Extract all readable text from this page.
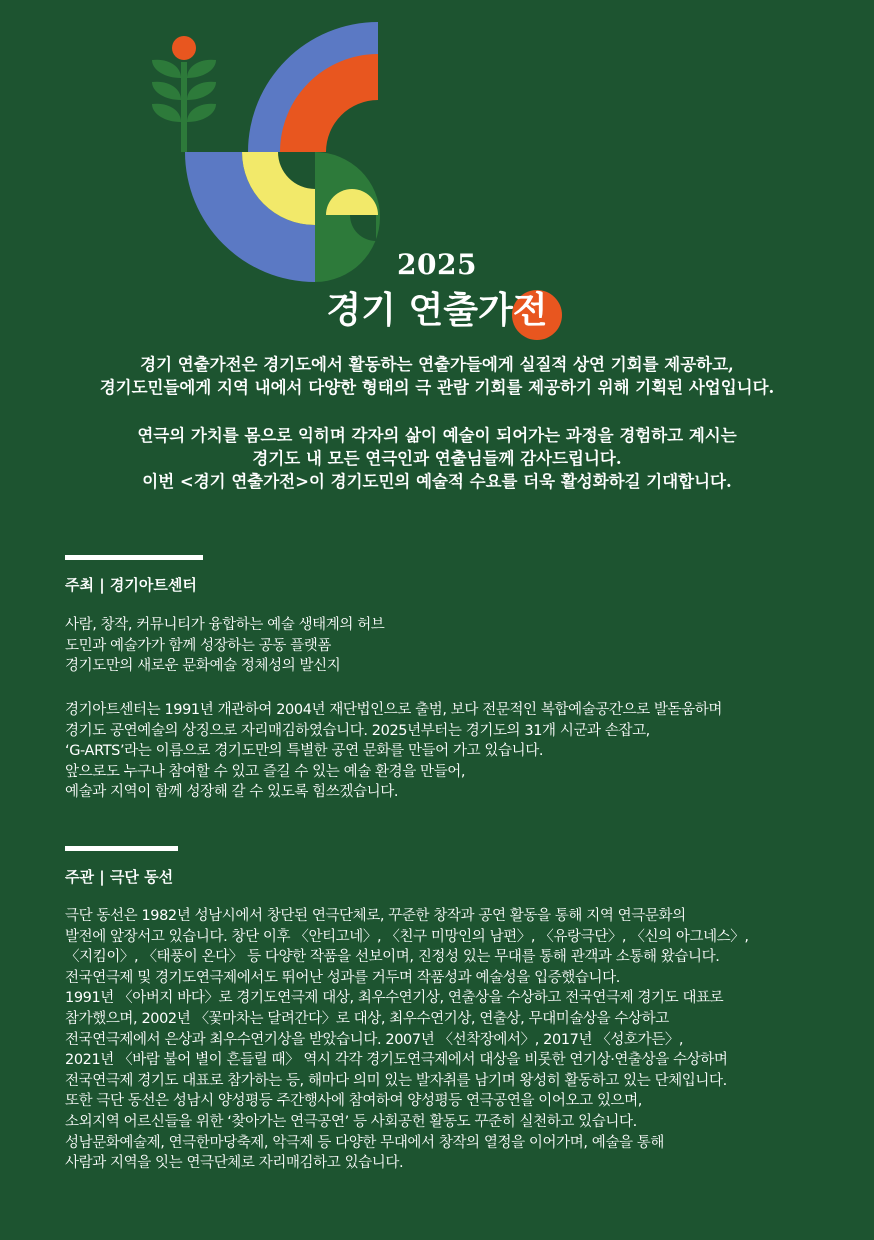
2025
경기 연출가전

경기 연출가전은 경기도에서 활동하는 연출가들에게 실질적 상연 기회를 제공하고,

경기도민들에게 지역 내에서 다양한 형태의 극 관람 기회를 제공하기 위해 기획된 사업입니다.

연극의 가치를 몸으로 익히며 각자의 삶이 예술이 되어가는 과정을 경험하고 계시는

경기도 내 모든 연극인과 연출님들께 감사드립니다.

이번 <경기 연출가전>이 경기도민의 예술적 수요를 더욱 활성화하길 기대합니다.

주최 | 경기아트센터

사람, 창작, 커뮤니티가 융합하는 예술 생태계의 허브

도민과 예술가가 함께 성장하는 공동 플랫폼

경기도만의 새로운 문화예술 정체성의 발신지

경기아트센터는 1991년 개관하여 2004년 재단법인으로 출범, 보다 전문적인 복합예술공간으로 발돋움하며

경기도 공연예술의 상징으로 자리매김하였습니다. 2025년부터는 경기도의 31개 시군과 손잡고,

‘G-ARTS’라는 이름으로 경기도만의 특별한 공연 문화를 만들어 가고 있습니다.

앞으로도 누구나 참여할 수 있고 즐길 수 있는 예술 환경을 만들어,

예술과 지역이 함께 성장해 갈 수 있도록 힘쓰겠습니다.

주관 | 극단 동선

극단 동선은 1982년 성남시에서 창단된 연극단체로, 꾸준한 창작과 공연 활동을 통해 지역 연극문화의

발전에 앞장서고 있습니다. 창단 이후 〈안티고네〉, 〈친구 미망인의 남편〉, 〈유랑극단〉, 〈신의 아그네스〉,

〈지킴이〉, 〈태풍이 온다〉 등 다양한 작품을 선보이며, 진정성 있는 무대를 통해 관객과 소통해 왔습니다.

전국연극제 및 경기도연극제에서도 뛰어난 성과를 거두며 작품성과 예술성을 입증했습니다.

1991년 〈아버지 바다〉로 경기도연극제 대상, 최우수연기상, 연출상을 수상하고 전국연극제 경기도 대표로

참가했으며, 2002년 〈꽃마차는 달려간다〉로 대상, 최우수연기상, 연출상, 무대미술상을 수상하고

전국연극제에서 은상과 최우수연기상을 받았습니다. 2007년 〈선착장에서〉, 2017년 〈성호가든〉,

2021년 〈바람 불어 별이 흔들릴 때〉 역시 각각 경기도연극제에서 대상을 비롯한 연기상·연출상을 수상하며

전국연극제 경기도 대표로 참가하는 등, 해마다 의미 있는 발자취를 남기며 왕성히 활동하고 있는 단체입니다.

또한 극단 동선은 성남시 양성평등 주간행사에 참여하여 양성평등 연극공연을 이어오고 있으며,

소외지역 어르신들을 위한 ‘찾아가는 연극공연’ 등 사회공헌 활동도 꾸준히 실천하고 있습니다.

성남문화예술제, 연극한마당축제, 악극제 등 다양한 무대에서 창작의 열정을 이어가며, 예술을 통해

사람과 지역을 잇는 연극단체로 자리매김하고 있습니다.
